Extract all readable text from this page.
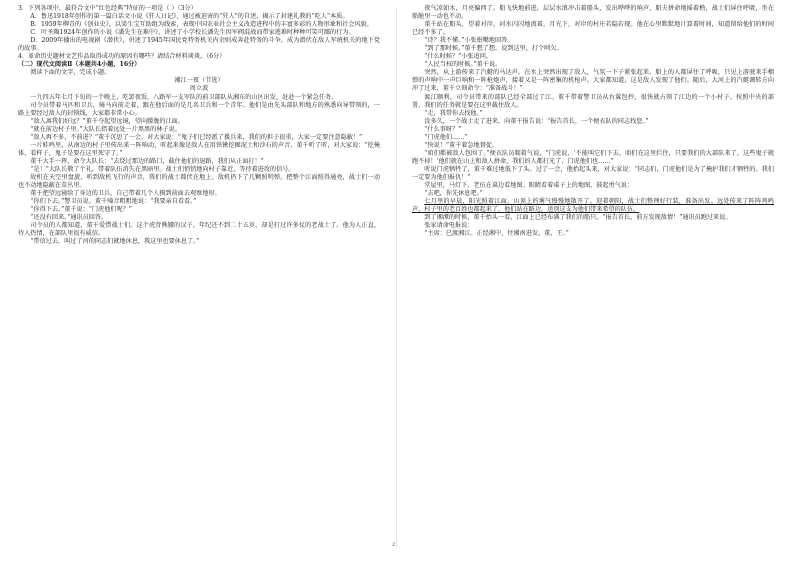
3．下列各项中，最符合文中“红色经典”特征的一项是（ ）（3分）

A．鲁迅1918年创作的第一篇白话文小说《狂人日记》，通过被迫害的“狂人”的自述，揭示了封建礼教的“吃人”本质。

B．1959年柳青的《创业史》，以梁生宝互助组为线索，表现中国农业社会主义改造进程中的丰富多彩的人物形象和社会风貌。

C．叶圣陶1924年创作的小说《潘先生在难中》，讲述了小学校长潘先生因军阀混战而带家逃难时种种可笑可鄙的行为。

D．2009年播出的电视剧《潜伏》，讲述了1945年国民党特务机关内余则成奔赴特务的斗争，成为潜伏在敌人军统机关的地下党的故事。

4．革命历史题材文艺作品取得成功的原因有哪些？请结合材料谈谈。（6分）

（二）现代文阅读Ⅱ（本题共4小题，16分）

阅读下面的文字，完成小题。

湘江一夜（节选）

周立波

一九四五年七月下旬的一个晚上，吃罢夜饭，八路军一支军队的前卫部队从湘东的山区出发，赶赴一个紧急任务。

司令员带着马匹和卫兵，骑马向前走着，跟在他后面的是几名卫兵和一个青年。他们是由先头部队和地方的熟悉向导带领的，一路上要经过敌人的封锁线，大家都非常小心。

“敌人离我们好远？”董千夺起望远镜，望向朦胧的江面。

“就在前边村子里。”大队长指着远处一片黑黑的林子说。

“敌人再不多，不前进？”董千沉思了一会，对大家说：“鬼子们已经派了援兵来，我们的担子很重，大家一定要注意隐蔽！”

一片蛙鸣里，从南边的村子里传出来一阵响动，听起来像是敌人在用铁锹挖掘泥土和沙石的声音，董千听了听，对大家说：“挖掩体，看样子，鬼子是要在这里死守了。”

董千大手一挥，命令大队长：“去绕过那边的路口，截住他们的退路，我们从正面打！”

“是！”大队长敬了个礼，带着队伍消失在黑暗里。战士们悄悄地向村子靠近，等待着进攻的信号。

故机在天空里盘旋，听到敌机飞行的声音，我们的战士都伏在地上。敌机扔下了几颗照明弹，把整个江面照得通亮，战士们一动也不动地隐蔽在草丛里。

董千把望远镜给了身边的卫兵，自己带着几个人摸到前面去观察地形。

“你们下去。”警卫员说。董千嗓音粗粗地说：“我要亲自看看。”

“你得下去。”董千说：“门虎他们呢？”

“还没有回来。”通讯员回答。

司令员的人都知道，董千爱惜战士们。这个虎背熊腰的汉子，年纪还不到二十五岁，却是打过许多仗的老战士了。他为人正直，待人热情，在部队里很有威信。

“带信过去，叫过了河的同志们就地休息，我这里也要休息了。”

夜气凉如水，月亮偏西了。船飞快地前进，层层水浪冲击着船头，发出哗哗的响声，船夫拼命地摇着橹，战士们屏住呼吸，坐在船舱里一动也不动。

董千站在船头，望着对岸。河水闪闪地流着，月光下，对岸的村庄若隐若现。他在心里默默地计算着时间，知道留给他们的时间已经不多了。

“诗？我不懂。”小张抿嘴地回答。

“到了那时候。”董千想了想，说到这里，打个呵欠。

“什么时候？”小张追问。

“人民当权的时候。”董千说。

突然，从上游传来了汽艇的马达声。在水上突然出现了敌人，气氛一下子紧张起来。船上的人都屏住了呼吸，只见上游驶来手榴弹的声响中一声巨响和一阵枪炮声，接着又是一阵密集的机枪声。大家都知道，这是敌人发现了他们。随后，大河上的汽艇调转方向冲了过来，董千立刻命令：“准备战斗！”

渡江顺利，司令员带来的部队已经全部过了江。董千带着警卫员从右翼包抄，很快就占领了江边的一个小村子。按照中央的部署，我们的任务就是要在这里截住敌人。

“走，我带你去找他。”

没多久，一个战士走了进来，向董千报告说：“报告首长，一个便衣队的同志找您。”

“什么事呀？”

“门虎他们……”

“快说！”董千着急地督促。

“咱们都被敌人包围了。”便衣队员喘着气说，“门虎说，‘不能叫它们下去，咱们在这里拦住，只要我们的大部队来了，这些鬼子就跑不掉！’他们就在山上和敌人拼命，我们的人都打光了，门虎他们也……”

听说门虎牺牲了，董千难过地低下了头。过了一会，他抬起头来，对大家说：“同志们，门虎他们是为了掩护我们才牺牲的。我们一定要为他们报仇！”

堂屋里，马灯下，老伍在桌边看地图。眼睛看着桌子上的地图，鼓起勇气说：

“去吧，你先休息吧。”

七月里的早晨，阳光照着江面，山顶上的雾气慢慢地散开了。迎着朝阳，战士们整理好行装，准备出发。远处传来了阵阵鸡鸣声，村子里的老百姓也都起来了，他们站在路边，送别这支为他们带来希望的队伍。

到了湘潭的时候，董千抬头一看，江面上已经布满了我们的船只。“报告首长，前方发现敌情！”通讯员跑过来说。

张家请命电报说：

“主席：巳渡湘江。正经湘中，往湘南进发。董、王。”

2
